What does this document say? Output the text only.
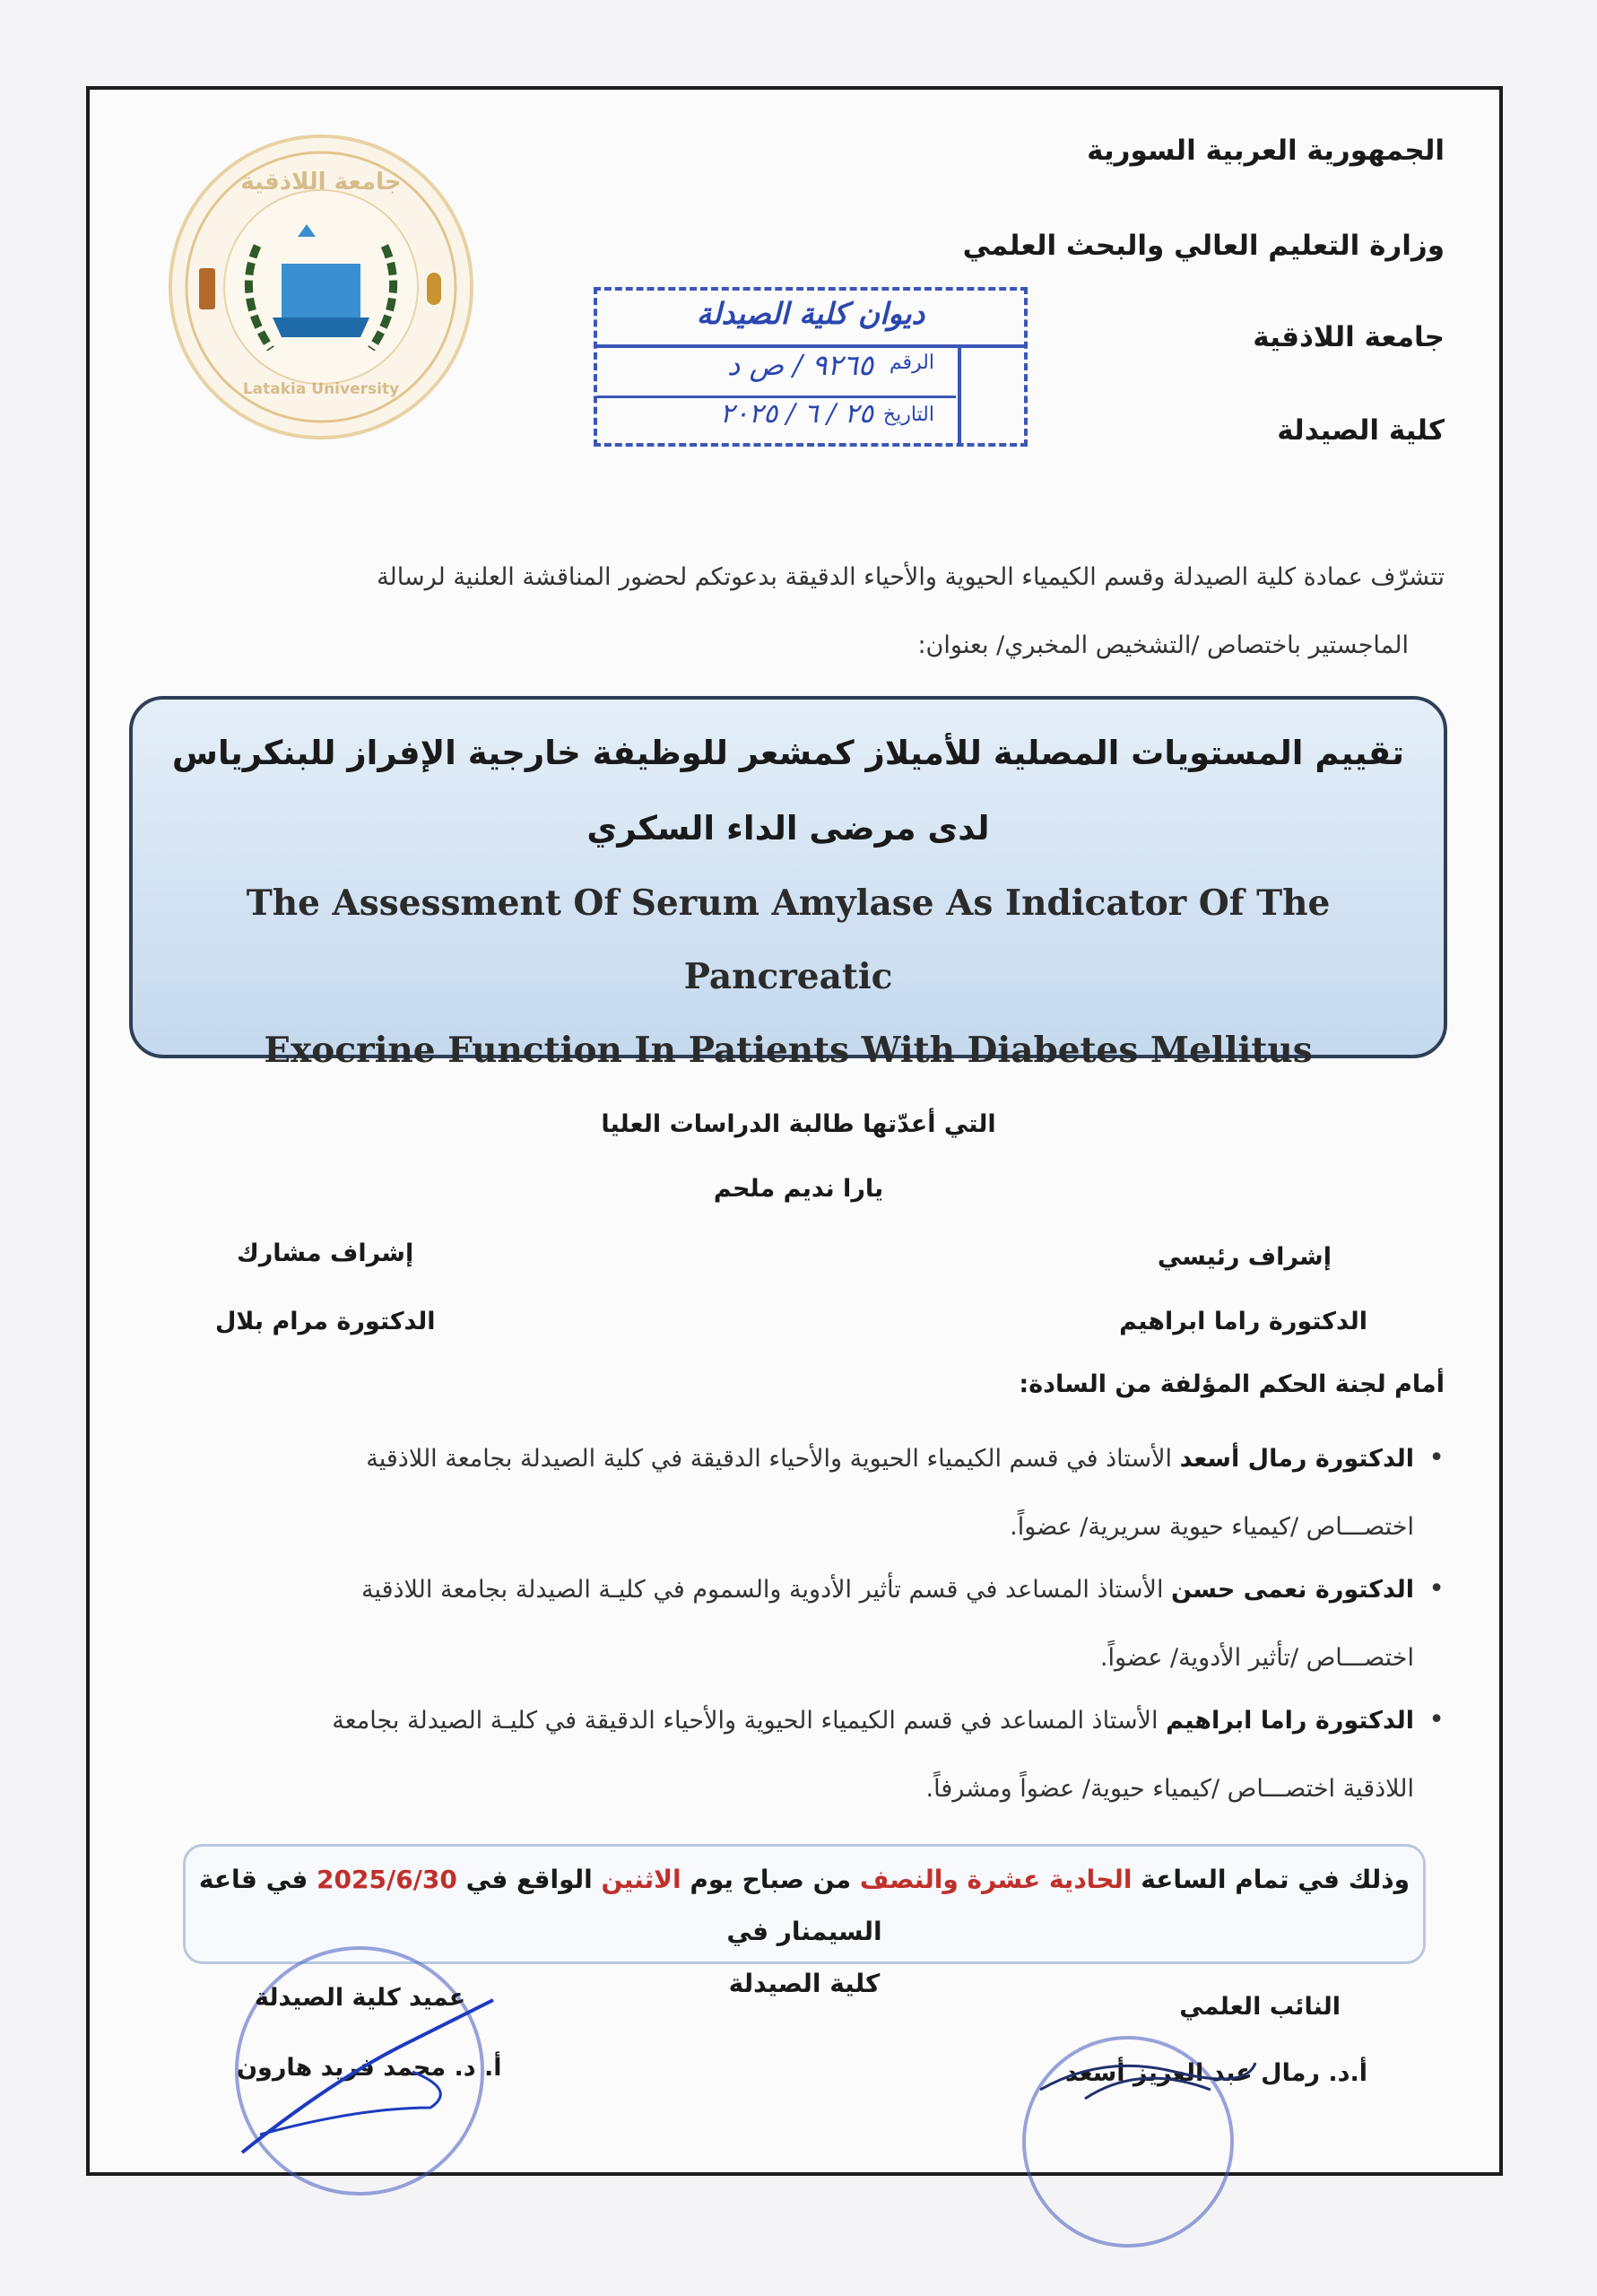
الجمهورية العربية السورية
وزارة التعليم العالي والبحث العلمي
جامعة اللاذقية
كلية الصيدلة
جامعة اللاذقية
Latakia University
ديوان كلية الصيدلة
الرقم
٩٢٦٥ / ص د
التاريخ
٢٥ / ٦ / ٢٠٢٥
تتشرّف عمادة كلية الصيدلة وقسم الكيمياء الحيوية والأحياء الدقيقة بدعوتكم لحضور المناقشة العلنية لرسالة
الماجستير باختصاص /التشخيص المخبري/ بعنوان:
تقييم المستويات المصلية للأميلاز كمشعر للوظيفة خارجية الإفراز للبنكرياس لدى مرضى الداء السكري
The Assessment Of Serum Amylase As Indicator Of The Pancreatic
Exocrine Function In Patients With Diabetes Mellitus
التي أعدّتها طالبة الدراسات العليا
يارا نديم ملحم
إشراف رئيسي
الدكتورة راما ابراهيم
إشراف مشارك
الدكتورة مرام بلال
أمام لجنة الحكم المؤلفة من السادة:
•الدكتورة رمال أسعد الأستاذ في قسم الكيمياء الحيوية والأحياء الدقيقة في كلية الصيدلة بجامعة اللاذقية
اختصـــاص /كيمياء حيوية سريرية/ عضواً.
•الدكتورة نعمى حسن الأستاذ المساعد في قسم تأثير الأدوية والسموم في كليـة الصيدلة بجامعة اللاذقية
اختصـــاص /تأثير الأدوية/ عضواً.
•الدكتورة راما ابراهيم الأستاذ المساعد في قسم الكيمياء الحيوية والأحياء الدقيقة في كليـة الصيدلة بجامعة
اللاذقية اختصـــاص /كيمياء حيوية/ عضواً ومشرفاً.
وذلك في تمام الساعة الحادية عشرة والنصف من صباح يوم الاثنين الواقع في 2025/6/30 في قاعة السيمنار في
كلية الصيدلة
عميد كلية الصيدلة
أ. د. محمد فريد هارون
النائب العلمي
أ.د. رمال عبد العزيز أسعد
